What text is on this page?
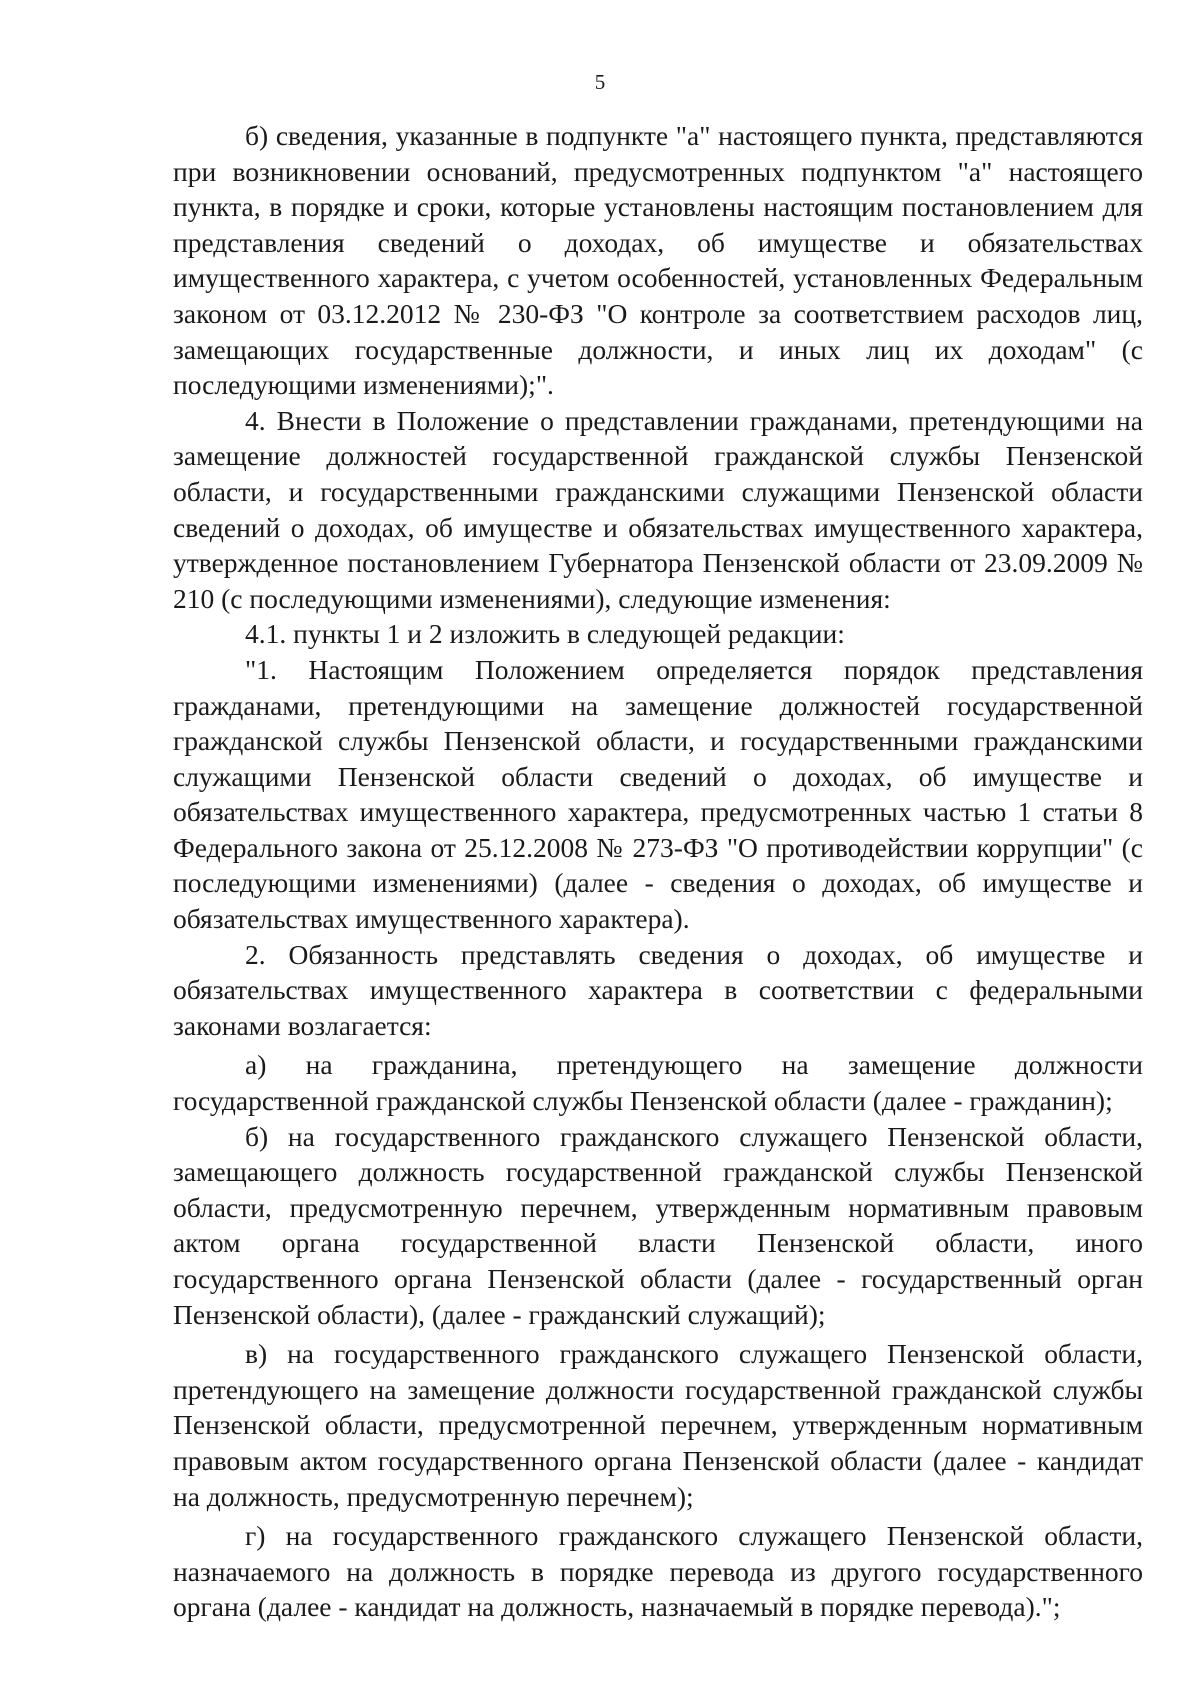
5

б) сведения, указанные в подпункте "а" настоящего пункта, представляются при возникновении оснований, предусмотренных подпунктом "а" настоящего пункта, в порядке и сроки, которые установлены настоящим постановлением для представления сведений о доходах, об имуществе и обязательствах имущественного характера, с учетом особенностей, установленных Федеральным законом от 03.12.2012 № 230-ФЗ "О контроле за соответствием расходов лиц, замещающих государственные должности, и иных лиц их доходам" (с последующими изменениями);".

4. Внести в Положение о представлении гражданами, претендующими на замещение должностей государственной гражданской службы Пензенской области, и государственными гражданскими служащими Пензенской области сведений о доходах, об имуществе и обязательствах имущественного характера, утвержденное постановлением Губернатора Пензенской области от 23.09.2009 № 210 (с последующими изменениями), следующие изменения:

4.1. пункты 1 и 2 изложить в следующей редакции:

"1. Настоящим Положением определяется порядок представления гражданами, претендующими на замещение должностей государственной гражданской службы Пензенской области, и государственными гражданскими служащими Пензенской области сведений о доходах, об имуществе и обязательствах имущественного характера, предусмотренных частью 1 статьи 8 Федерального закона от 25.12.2008 № 273-ФЗ "О противодействии коррупции" (с последующими изменениями) (далее - сведения о доходах, об имуществе и обязательствах имущественного характера).

2. Обязанность представлять сведения о доходах, об имуществе и обязательствах имущественного характера в соответствии с федеральными законами возлагается:

а) на гражданина, претендующего на замещение должности государственной гражданской службы Пензенской области (далее - гражданин);

б) на государственного гражданского служащего Пензенской области, замещающего должность государственной гражданской службы Пензенской области, предусмотренную перечнем, утвержденным нормативным правовым актом органа государственной власти Пензенской области, иного государственного органа Пензенской области (далее - государственный орган Пензенской области), (далее - гражданский служащий);

в) на государственного гражданского служащего Пензенской области, претендующего на замещение должности государственной гражданской службы Пензенской области, предусмотренной перечнем, утвержденным нормативным правовым актом государственного органа Пензенской области (далее - кандидат на должность, предусмотренную перечнем);

г) на государственного гражданского служащего Пензенской области, назначаемого на должность в порядке перевода из другого государственного органа (далее - кандидат на должность, назначаемый в порядке перевода).";
